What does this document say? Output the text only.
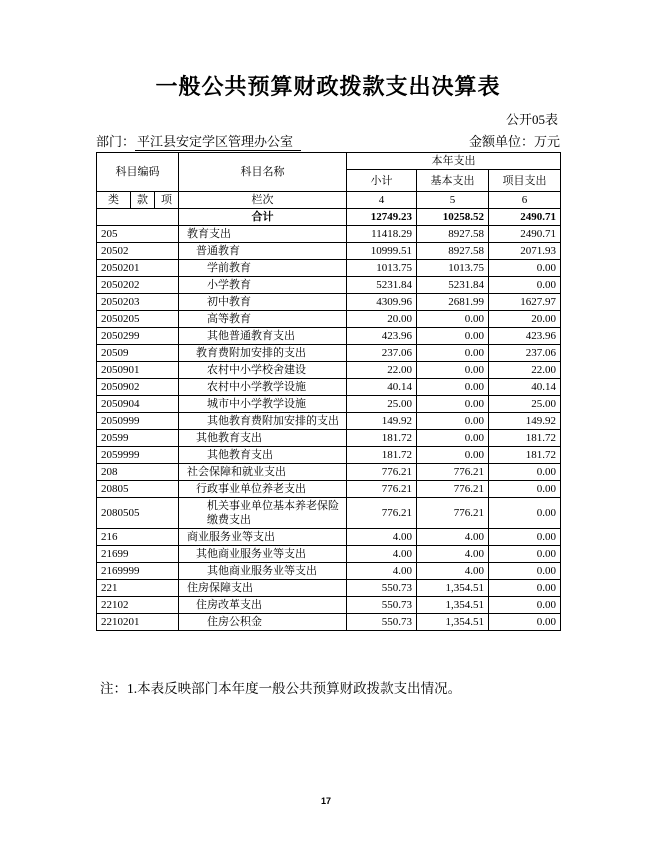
一般公共预算财政拨款支出决算表
公开05表
部门： 平江县安定学区管理办公室	金额单位：万元
科目编码			科目名称	本年支出		
				小计	基本支出	项目支出
类	款	项	栏次	4	5	6
			合计	12749.23	10258.52	2490.71
205			教育支出	11418.29	8927.58	2490.71
20502			普通教育	10999.51	8927.58	2071.93
2050201			学前教育	1013.75	1013.75	0.00
2050202			小学教育	5231.84	5231.84	0.00
2050203			初中教育	4309.96	2681.99	1627.97
2050205			高等教育	20.00	0.00	20.00
2050299			其他普通教育支出	423.96	0.00	423.96
20509			教育费附加安排的支出	237.06	0.00	237.06
2050901			农村中小学校舍建设	22.00	0.00	22.00
2050902			农村中小学教学设施	40.14	0.00	40.14
2050904			城市中小学教学设施	25.00	0.00	25.00
2050999			其他教育费附加安排的支出	149.92	0.00	149.92
20599			其他教育支出	181.72	0.00	181.72
2059999			其他教育支出	181.72	0.00	181.72
208			社会保障和就业支出	776.21	776.21	0.00
20805			行政事业单位养老支出	776.21	776.21	0.00
2080505			机关事业单位基本养老保险缴费支出	776.21	776.21	0.00
216			商业服务业等支出	4.00	4.00	0.00
21699			其他商业服务业等支出	4.00	4.00	0.00
2169999			其他商业服务业等支出	4.00	4.00	0.00
221			住房保障支出	550.73	1,354.51	0.00
22102			住房改革支出	550.73	1,354.51	0.00
2210201			住房公积金	550.73	1,354.51	0.00
注：1.本表反映部门本年度一般公共预算财政拨款支出情况。
17
